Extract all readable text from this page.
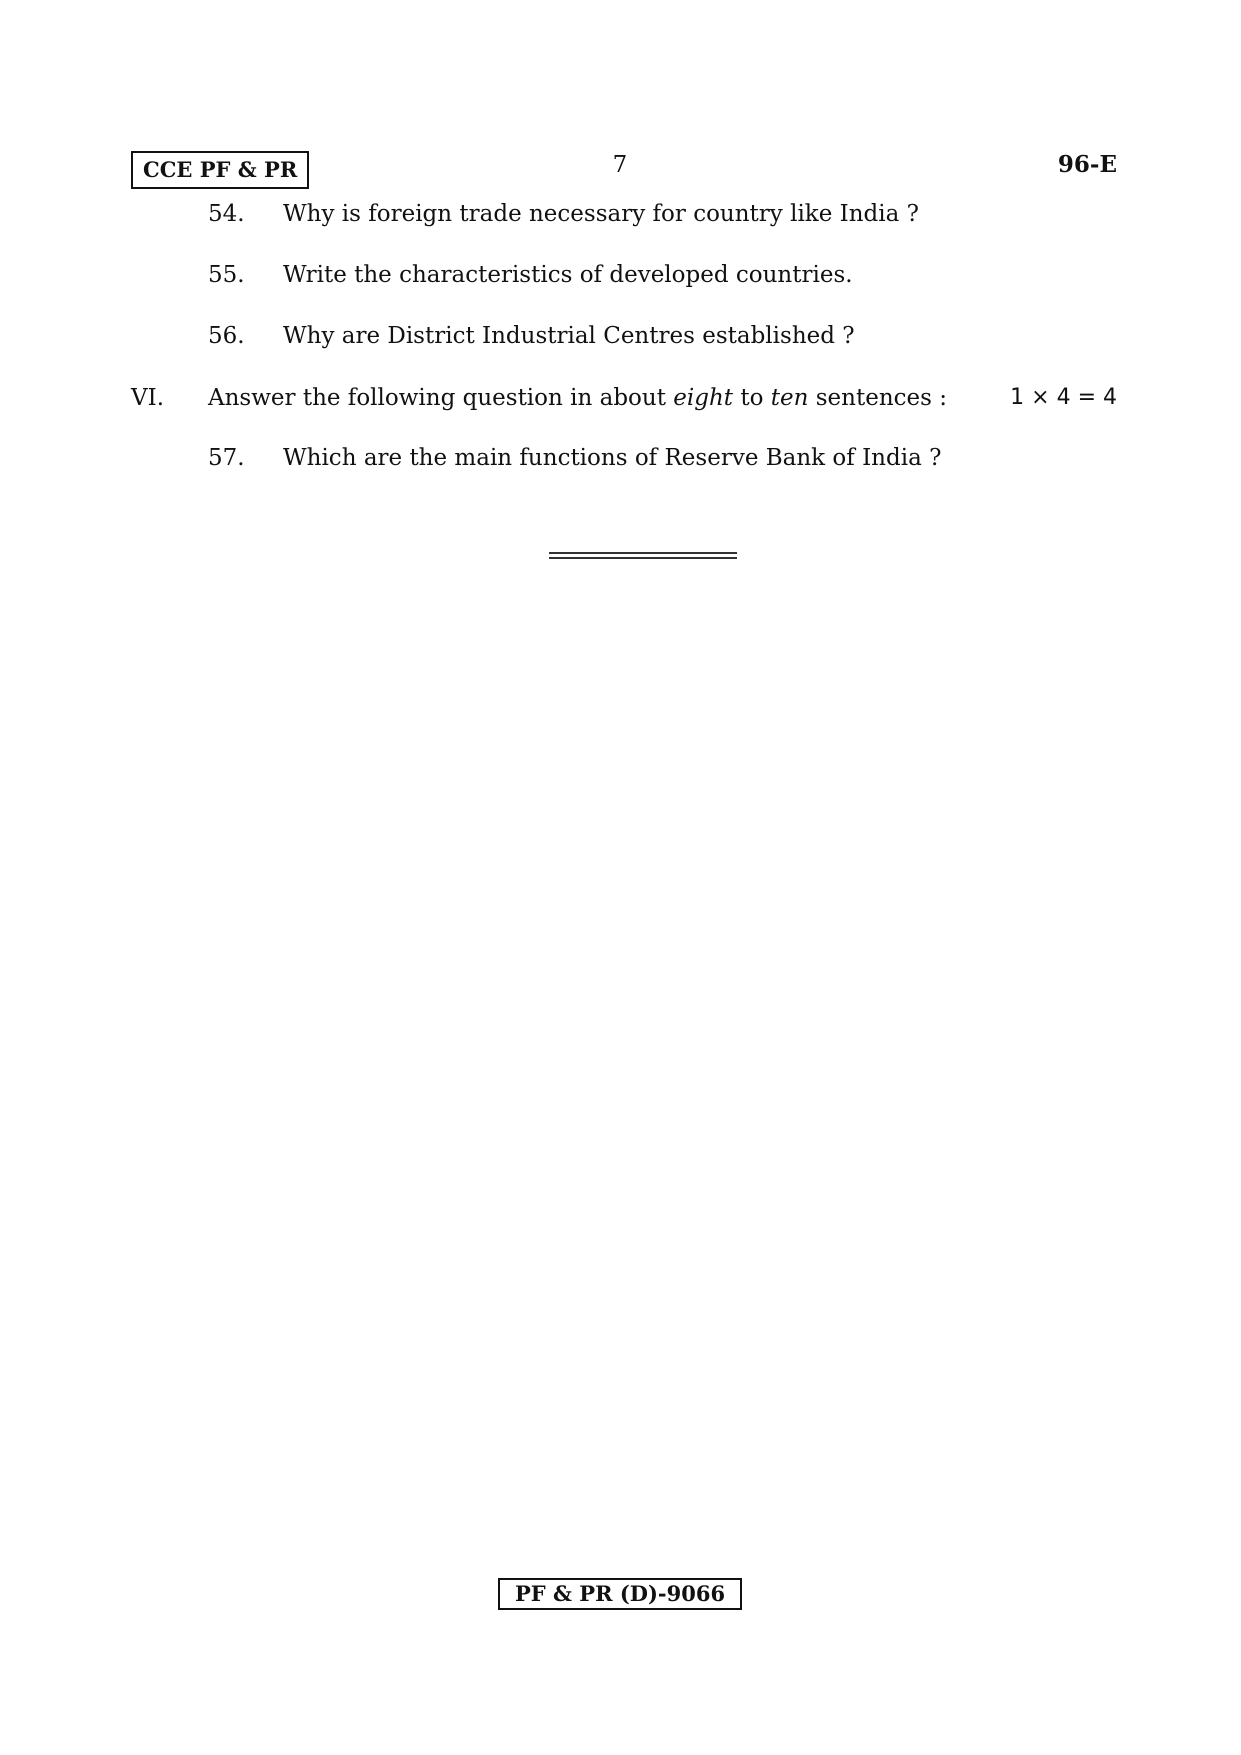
CCE PF & PR	7	96-E
54. Why is foreign trade necessary for country like India ?
55. Write the characteristics of developed countries.
56. Why are District Industrial Centres established ?
VI. Answer the following question in about eight to ten sentences :	1 × 4 = 4
57. Which are the main functions of Reserve Bank of India ?
PF & PR (D)-9066
